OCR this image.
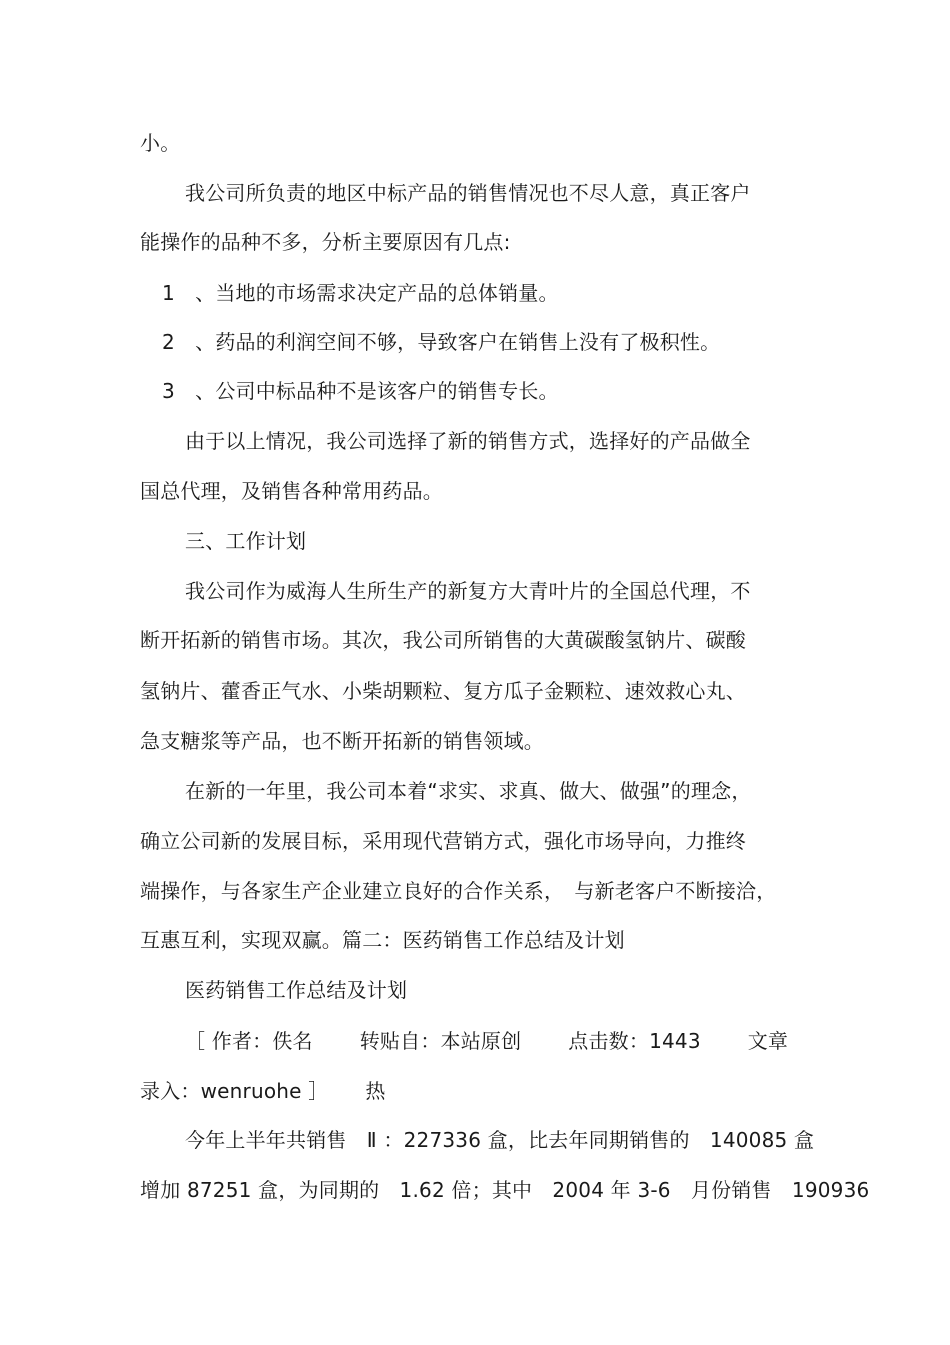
小。
我公司所负责的地区中标产品的销售情况也不尽人意，真正客户
能操作的品种不多，分析主要原因有几点:
1　、当地的市场需求决定产品的总体销量。
2　、药品的利润空间不够，导致客户在销售上没有了极积性。
3　、公司中标品种不是该客户的销售专长。
由于以上情况，我公司选择了新的销售方式，选择好的产品做全
国总代理，及销售各种常用药品。
三、工作计划
我公司作为威海人生所生产的新复方大青叶片的全国总代理，不
断开拓新的销售市场。其次，我公司所销售的大黄碳酸氢钠片、碳酸
氢钠片、藿香正气水、小柴胡颗粒、复方瓜子金颗粒、速效救心丸、
急支糖浆等产品，也不断开拓新的销售领域。
在新的一年里，我公司本着“求实、求真、做大、做强”的理念，
确立公司新的发展目标，采用现代营销方式，强化市场导向，力推终
端操作，与各家生产企业建立良好的合作关系，　与新老客户不断接洽，
互惠互利，实现双赢。篇二：医药销售工作总结及计划
医药销售工作总结及计划
［ 作者：佚名　　 转贴自：本站原创　　 点击数：1443　　 文章
录入：wenruohe ］　　 热
今年上半年共销售　Ⅱ ：227336 盒，比去年同期销售的　140085 盒
增加 87251 盒，为同期的　1.62 倍；其中　2004 年 3-6　月份销售　190936
